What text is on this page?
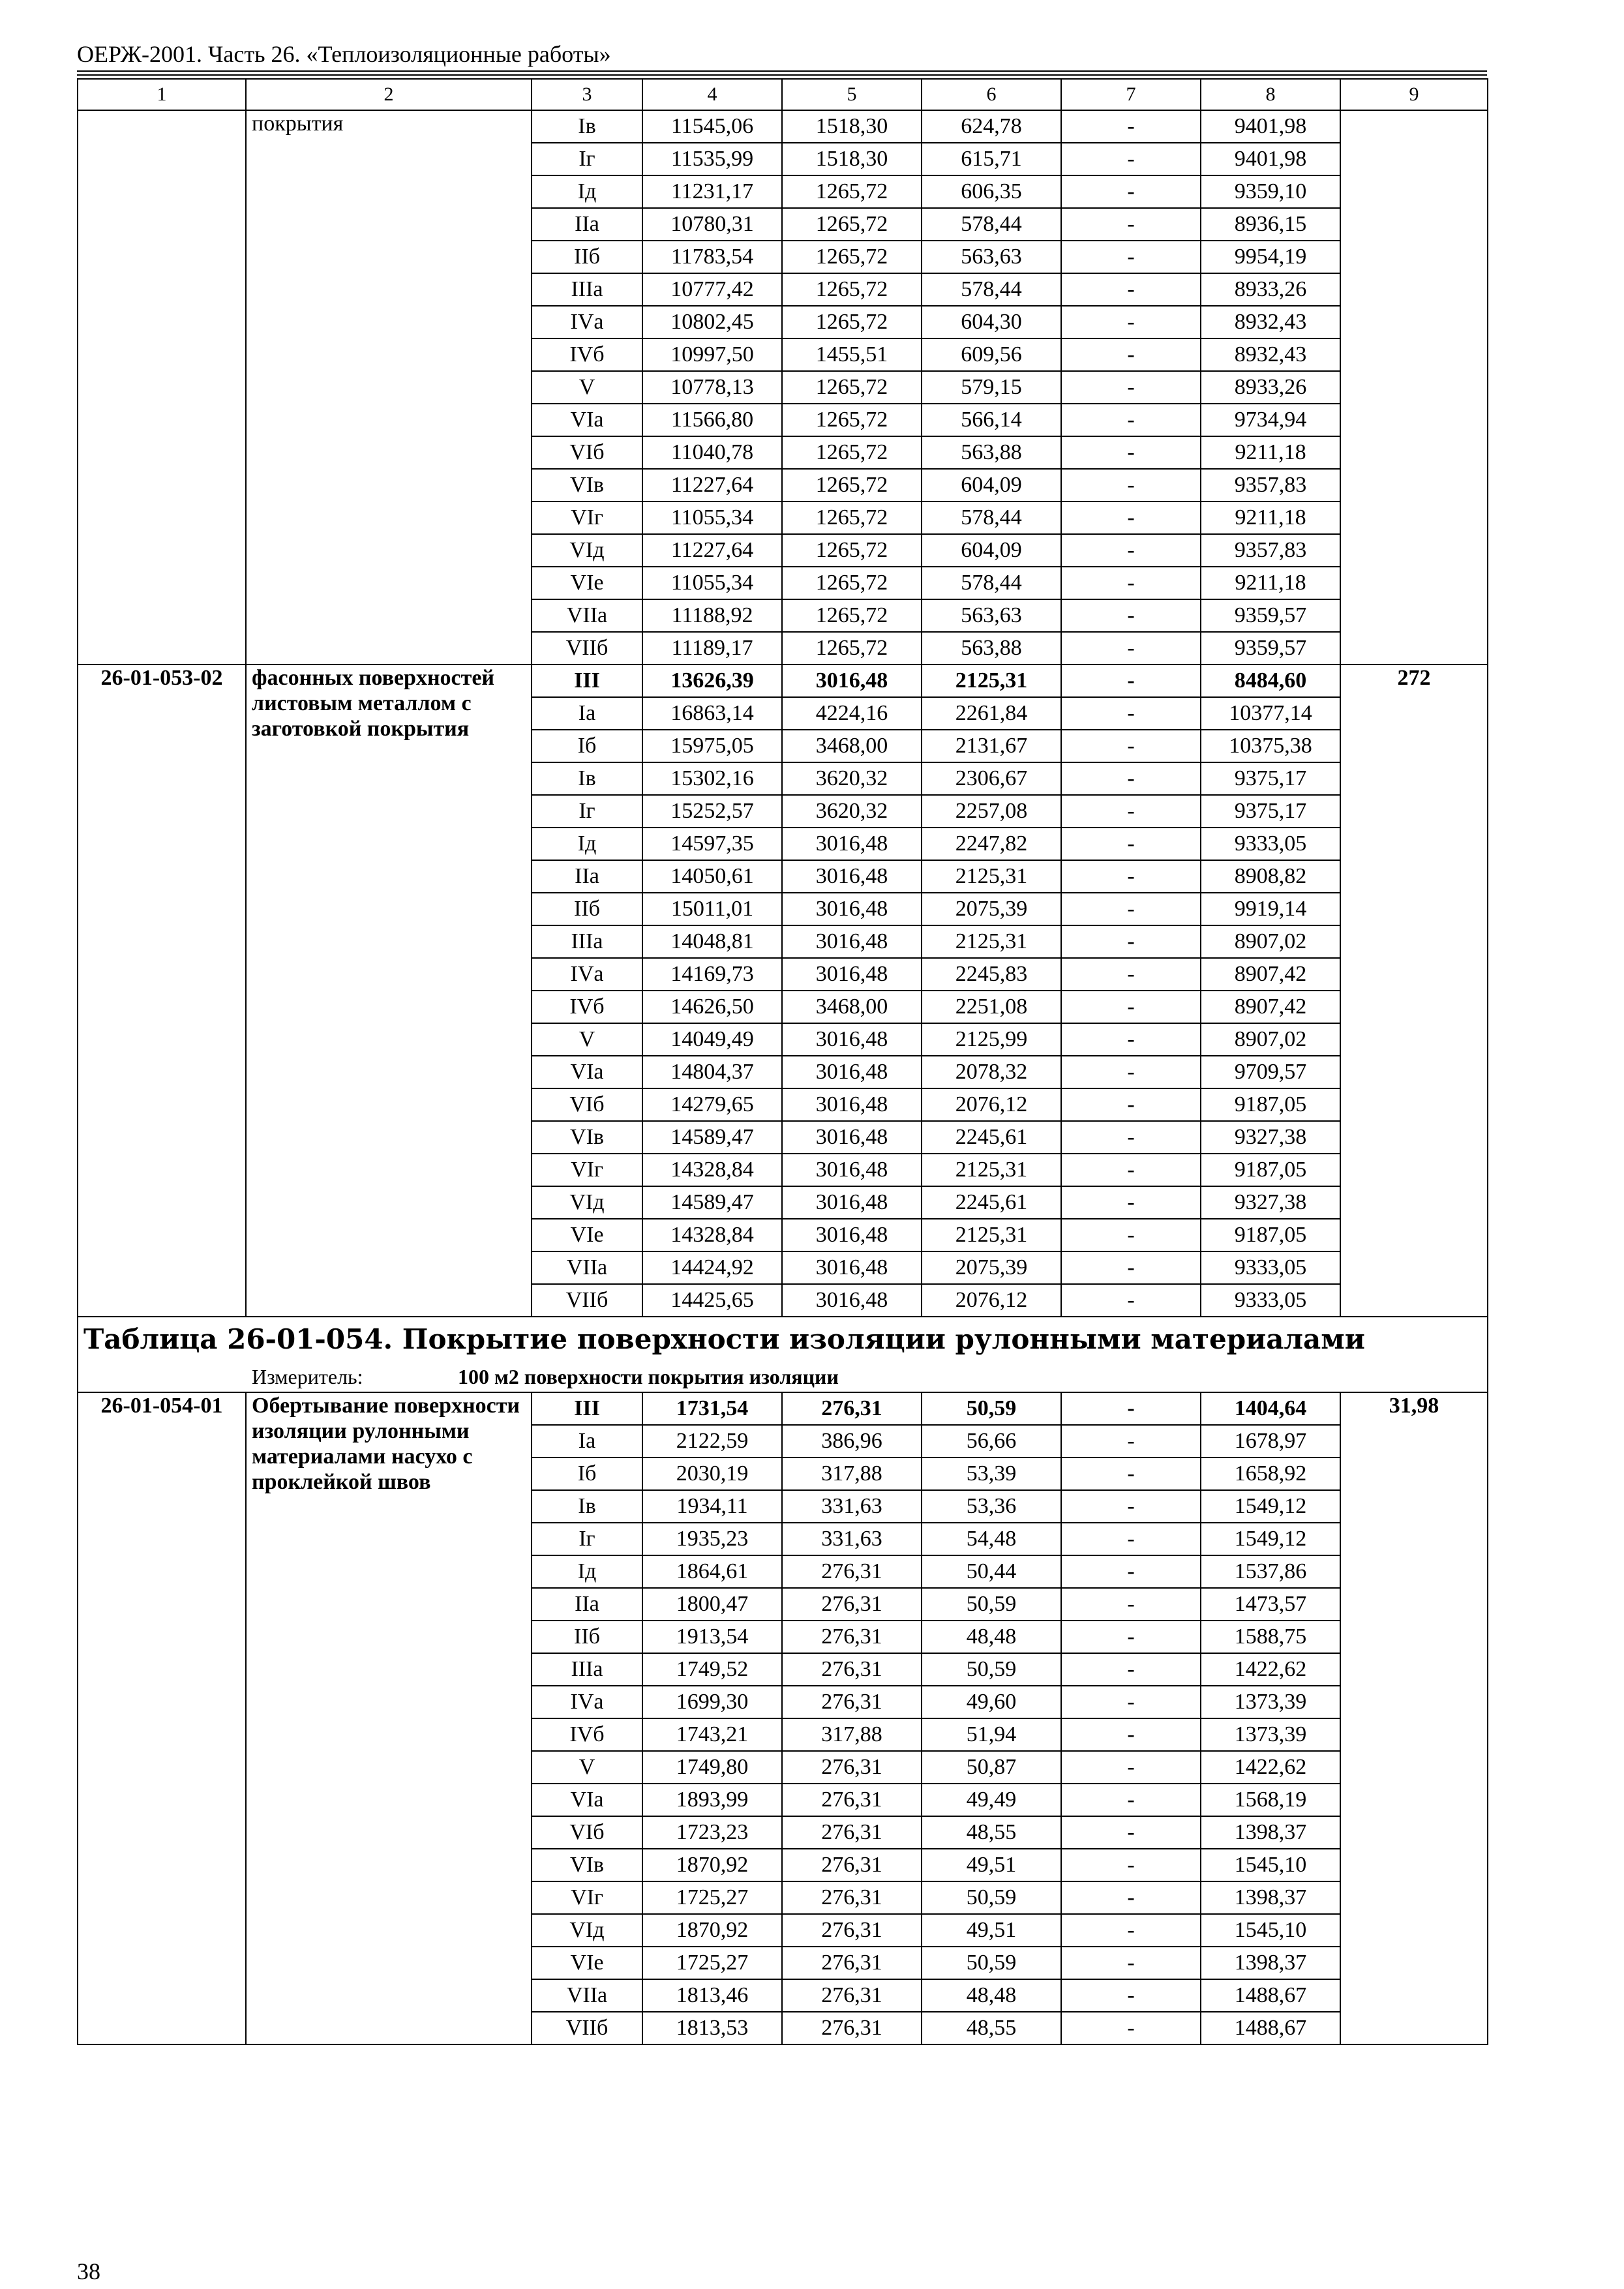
ОЕРЖ-2001. Часть 26. «Теплоизоляционные работы»
1	2	3	4	5	6	7	8	9
	покрытия	Iв	11545,06	1518,30	624,78	-	9401,98	
		Iг	11535,99	1518,30	615,71	-	9401,98	
		Iд	11231,17	1265,72	606,35	-	9359,10	
		IIа	10780,31	1265,72	578,44	-	8936,15	
		IIб	11783,54	1265,72	563,63	-	9954,19	
		IIIа	10777,42	1265,72	578,44	-	8933,26	
		IVа	10802,45	1265,72	604,30	-	8932,43	
		IVб	10997,50	1455,51	609,56	-	8932,43	
		V	10778,13	1265,72	579,15	-	8933,26	
		VIа	11566,80	1265,72	566,14	-	9734,94	
		VIб	11040,78	1265,72	563,88	-	9211,18	
		VIв	11227,64	1265,72	604,09	-	9357,83	
		VIг	11055,34	1265,72	578,44	-	9211,18	
		VIд	11227,64	1265,72	604,09	-	9357,83	
		VIе	11055,34	1265,72	578,44	-	9211,18	
		VIIа	11188,92	1265,72	563,63	-	9359,57	
		VIIб	11189,17	1265,72	563,88	-	9359,57	
26-01-053-02	фасонных поверхностей листовым металлом с заготовкой покрытия	III	13626,39	3016,48	2125,31	-	8484,60	272
		Iа	16863,14	4224,16	2261,84	-	10377,14	
		Iб	15975,05	3468,00	2131,67	-	10375,38	
		Iв	15302,16	3620,32	2306,67	-	9375,17	
		Iг	15252,57	3620,32	2257,08	-	9375,17	
		Iд	14597,35	3016,48	2247,82	-	9333,05	
		IIа	14050,61	3016,48	2125,31	-	8908,82	
		IIб	15011,01	3016,48	2075,39	-	9919,14	
		IIIа	14048,81	3016,48	2125,31	-	8907,02	
		IVа	14169,73	3016,48	2245,83	-	8907,42	
		IVб	14626,50	3468,00	2251,08	-	8907,42	
		V	14049,49	3016,48	2125,99	-	8907,02	
		VIа	14804,37	3016,48	2078,32	-	9709,57	
		VIб	14279,65	3016,48	2076,12	-	9187,05	
		VIв	14589,47	3016,48	2245,61	-	9327,38	
		VIг	14328,84	3016,48	2125,31	-	9187,05	
		VIд	14589,47	3016,48	2245,61	-	9327,38	
		VIе	14328,84	3016,48	2125,31	-	9187,05	
		VIIа	14424,92	3016,48	2075,39	-	9333,05	
		VIIб	14425,65	3016,48	2076,12	-	9333,05	
Таблица 26-01-054. Покрытие поверхности изоляции рулонными материалами								

Измеритель: 100 м2 поверхности покрытия изоляции								

26-01-054-01	Обертывание поверхности изоляции рулонными материалами насухо с проклейкой швов	III	1731,54	276,31	50,59	-	1404,64	31,98
		Iа	2122,59	386,96	56,66	-	1678,97	
		Iб	2030,19	317,88	53,39	-	1658,92	
		Iв	1934,11	331,63	53,36	-	1549,12	
		Iг	1935,23	331,63	54,48	-	1549,12	
		Iд	1864,61	276,31	50,44	-	1537,86	
		IIа	1800,47	276,31	50,59	-	1473,57	
		IIб	1913,54	276,31	48,48	-	1588,75	
		IIIа	1749,52	276,31	50,59	-	1422,62	
		IVа	1699,30	276,31	49,60	-	1373,39	
		IVб	1743,21	317,88	51,94	-	1373,39	
		V	1749,80	276,31	50,87	-	1422,62	
		VIа	1893,99	276,31	49,49	-	1568,19	
		VIб	1723,23	276,31	48,55	-	1398,37	
		VIв	1870,92	276,31	49,51	-	1545,10	
		VIг	1725,27	276,31	50,59	-	1398,37	
		VIд	1870,92	276,31	49,51	-	1545,10	
		VIе	1725,27	276,31	50,59	-	1398,37	
		VIIа	1813,46	276,31	48,48	-	1488,67	
		VIIб	1813,53	276,31	48,55	-	1488,67	
38
